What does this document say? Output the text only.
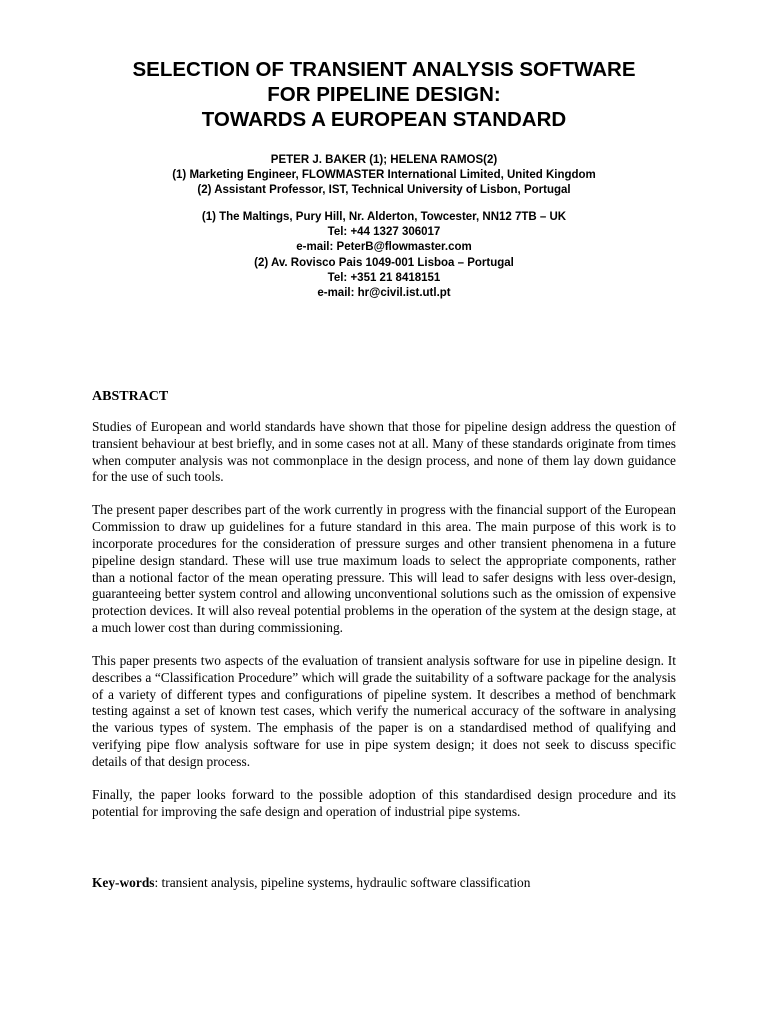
SELECTION OF TRANSIENT ANALYSIS SOFTWARE
FOR PIPELINE DESIGN:
TOWARDS A EUROPEAN STANDARD
PETER J. BAKER (1); HELENA RAMOS(2)
(1) Marketing Engineer, FLOWMASTER International Limited, United Kingdom
(2) Assistant Professor, IST, Technical University of Lisbon, Portugal
(1) The Maltings, Pury Hill, Nr. Alderton, Towcester, NN12 7TB – UK
Tel: +44 1327 306017
e-mail: PeterB@flowmaster.com
(2) Av. Rovisco Pais 1049-001 Lisboa – Portugal
Tel: +351 21 8418151
e-mail: hr@civil.ist.utl.pt
ABSTRACT

Studies of European and world standards have shown that those for pipeline design address the question of transient behaviour at best briefly, and in some cases not at all. Many of these standards originate from times when computer analysis was not commonplace in the design process, and none of them lay down guidance for the use of such tools.

The present paper describes part of the work currently in progress with the financial support of the European Commission to draw up guidelines for a future standard in this area. The main purpose of this work is to incorporate procedures for the consideration of pressure surges and other transient phenomena in a future pipeline design standard. These will use true maximum loads to select the appropriate components, rather than a notional factor of the mean operating pressure. This will lead to safer designs with less over-design, guaranteeing better system control and allowing unconventional solutions such as the omission of expensive protection devices. It will also reveal potential problems in the operation of the system at the design stage, at a much lower cost than during commissioning.

This paper presents two aspects of the evaluation of transient analysis software for use in pipeline design. It describes a “Classification Procedure” which will grade the suitability of a software package for the analysis of a variety of different types and configurations of pipeline system. It describes a method of benchmark testing against a set of known test cases, which verify the numerical accuracy of the software in analysing the various types of system. The emphasis of the paper is on a standardised method of qualifying and verifying pipe flow analysis software for use in pipe system design; it does not seek to discuss specific details of that design process.

Finally, the paper looks forward to the possible adoption of this standardised design procedure and its potential for improving the safe design and operation of industrial pipe systems.

Key-words: transient analysis, pipeline systems, hydraulic software classification
